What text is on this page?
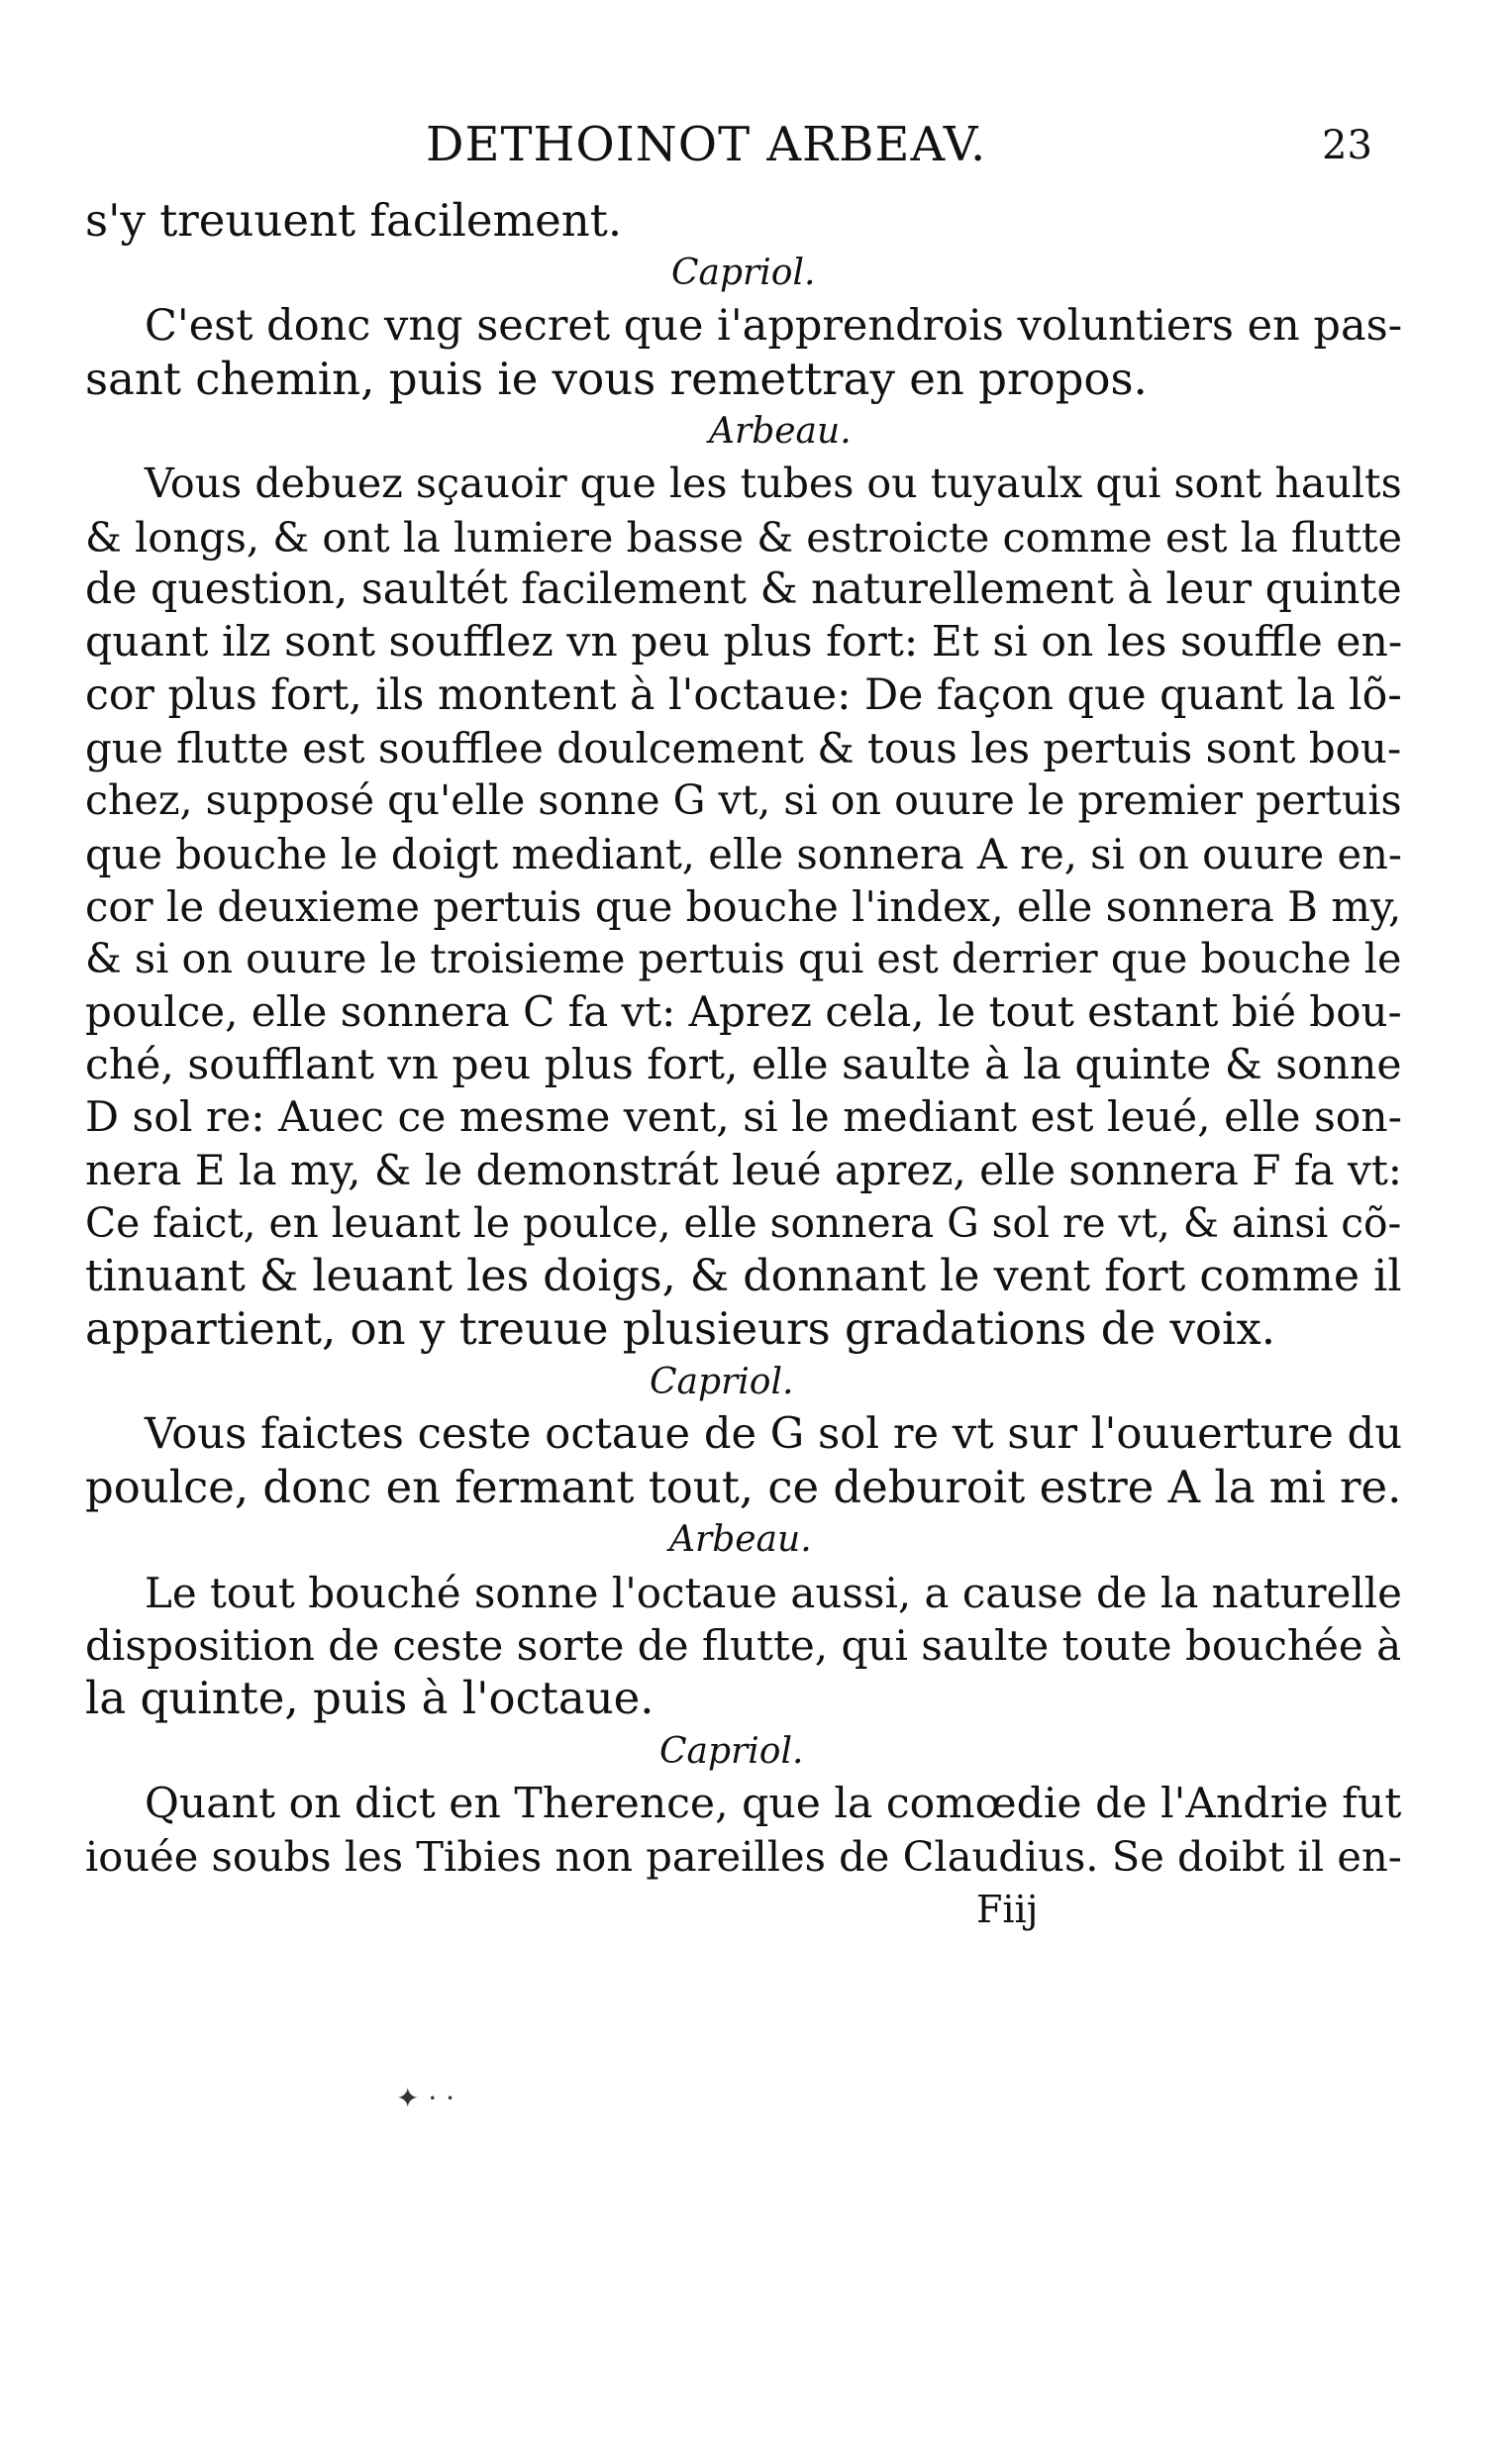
DETHOINOT ARBEAV.	23
s'y treuuent facilement.
Capriol.
C'est donc vng secret que i'apprendrois voluntiers en pas-
sant chemin, puis ie vous remettray en propos.
Arbeau.
Vous debuez sçauoir que les tubes ou tuyaulx qui sont haults
& longs, & ont la lumiere basse & estroicte comme est la flutte
de question, saultét facilement & naturellement à leur quinte
quant ilz sont soufflez vn peu plus fort: Et si on les souffle en-
cor plus fort, ils montent à l'octaue: De façon que quant la lõ-
gue flutte est soufflee doulcement & tous les pertuis sont bou-
chez, supposé qu'elle sonne G vt, si on ouure le premier pertuis
que bouche le doigt mediant, elle sonnera A re, si on ouure en-
cor le deuxieme pertuis que bouche l'index, elle sonnera B my,
& si on ouure le troisieme pertuis qui est derrier que bouche le
poulce, elle sonnera C fa vt: Aprez cela, le tout estant bié bou-
ché, soufflant vn peu plus fort, elle saulte à la quinte & sonne
D sol re: Auec ce mesme vent, si le mediant est leué, elle son-
nera E la my, & le demonstrát leué aprez, elle sonnera F fa vt:
Ce faict, en leuant le poulce, elle sonnera G sol re vt, & ainsi cõ-
tinuant & leuant les doigs, & donnant le vent fort comme il
appartient, on y treuue plusieurs gradations de voix.
Capriol.
Vous faictes ceste octaue de G sol re vt sur l'ouuerture du
poulce, donc en fermant tout, ce deburoit estre A la mi re.
Arbeau.
Le tout bouché sonne l'octaue aussi, a cause de la naturelle
disposition de ceste sorte de flutte, qui saulte toute bouchée à
la quinte, puis à l'octaue.
Capriol.
Quant on dict en Therence, que la comœdie de l'Andrie fut
iouée soubs les Tibies non pareilles de Claudius. Se doibt il en-
Fiij
✦ · ·
